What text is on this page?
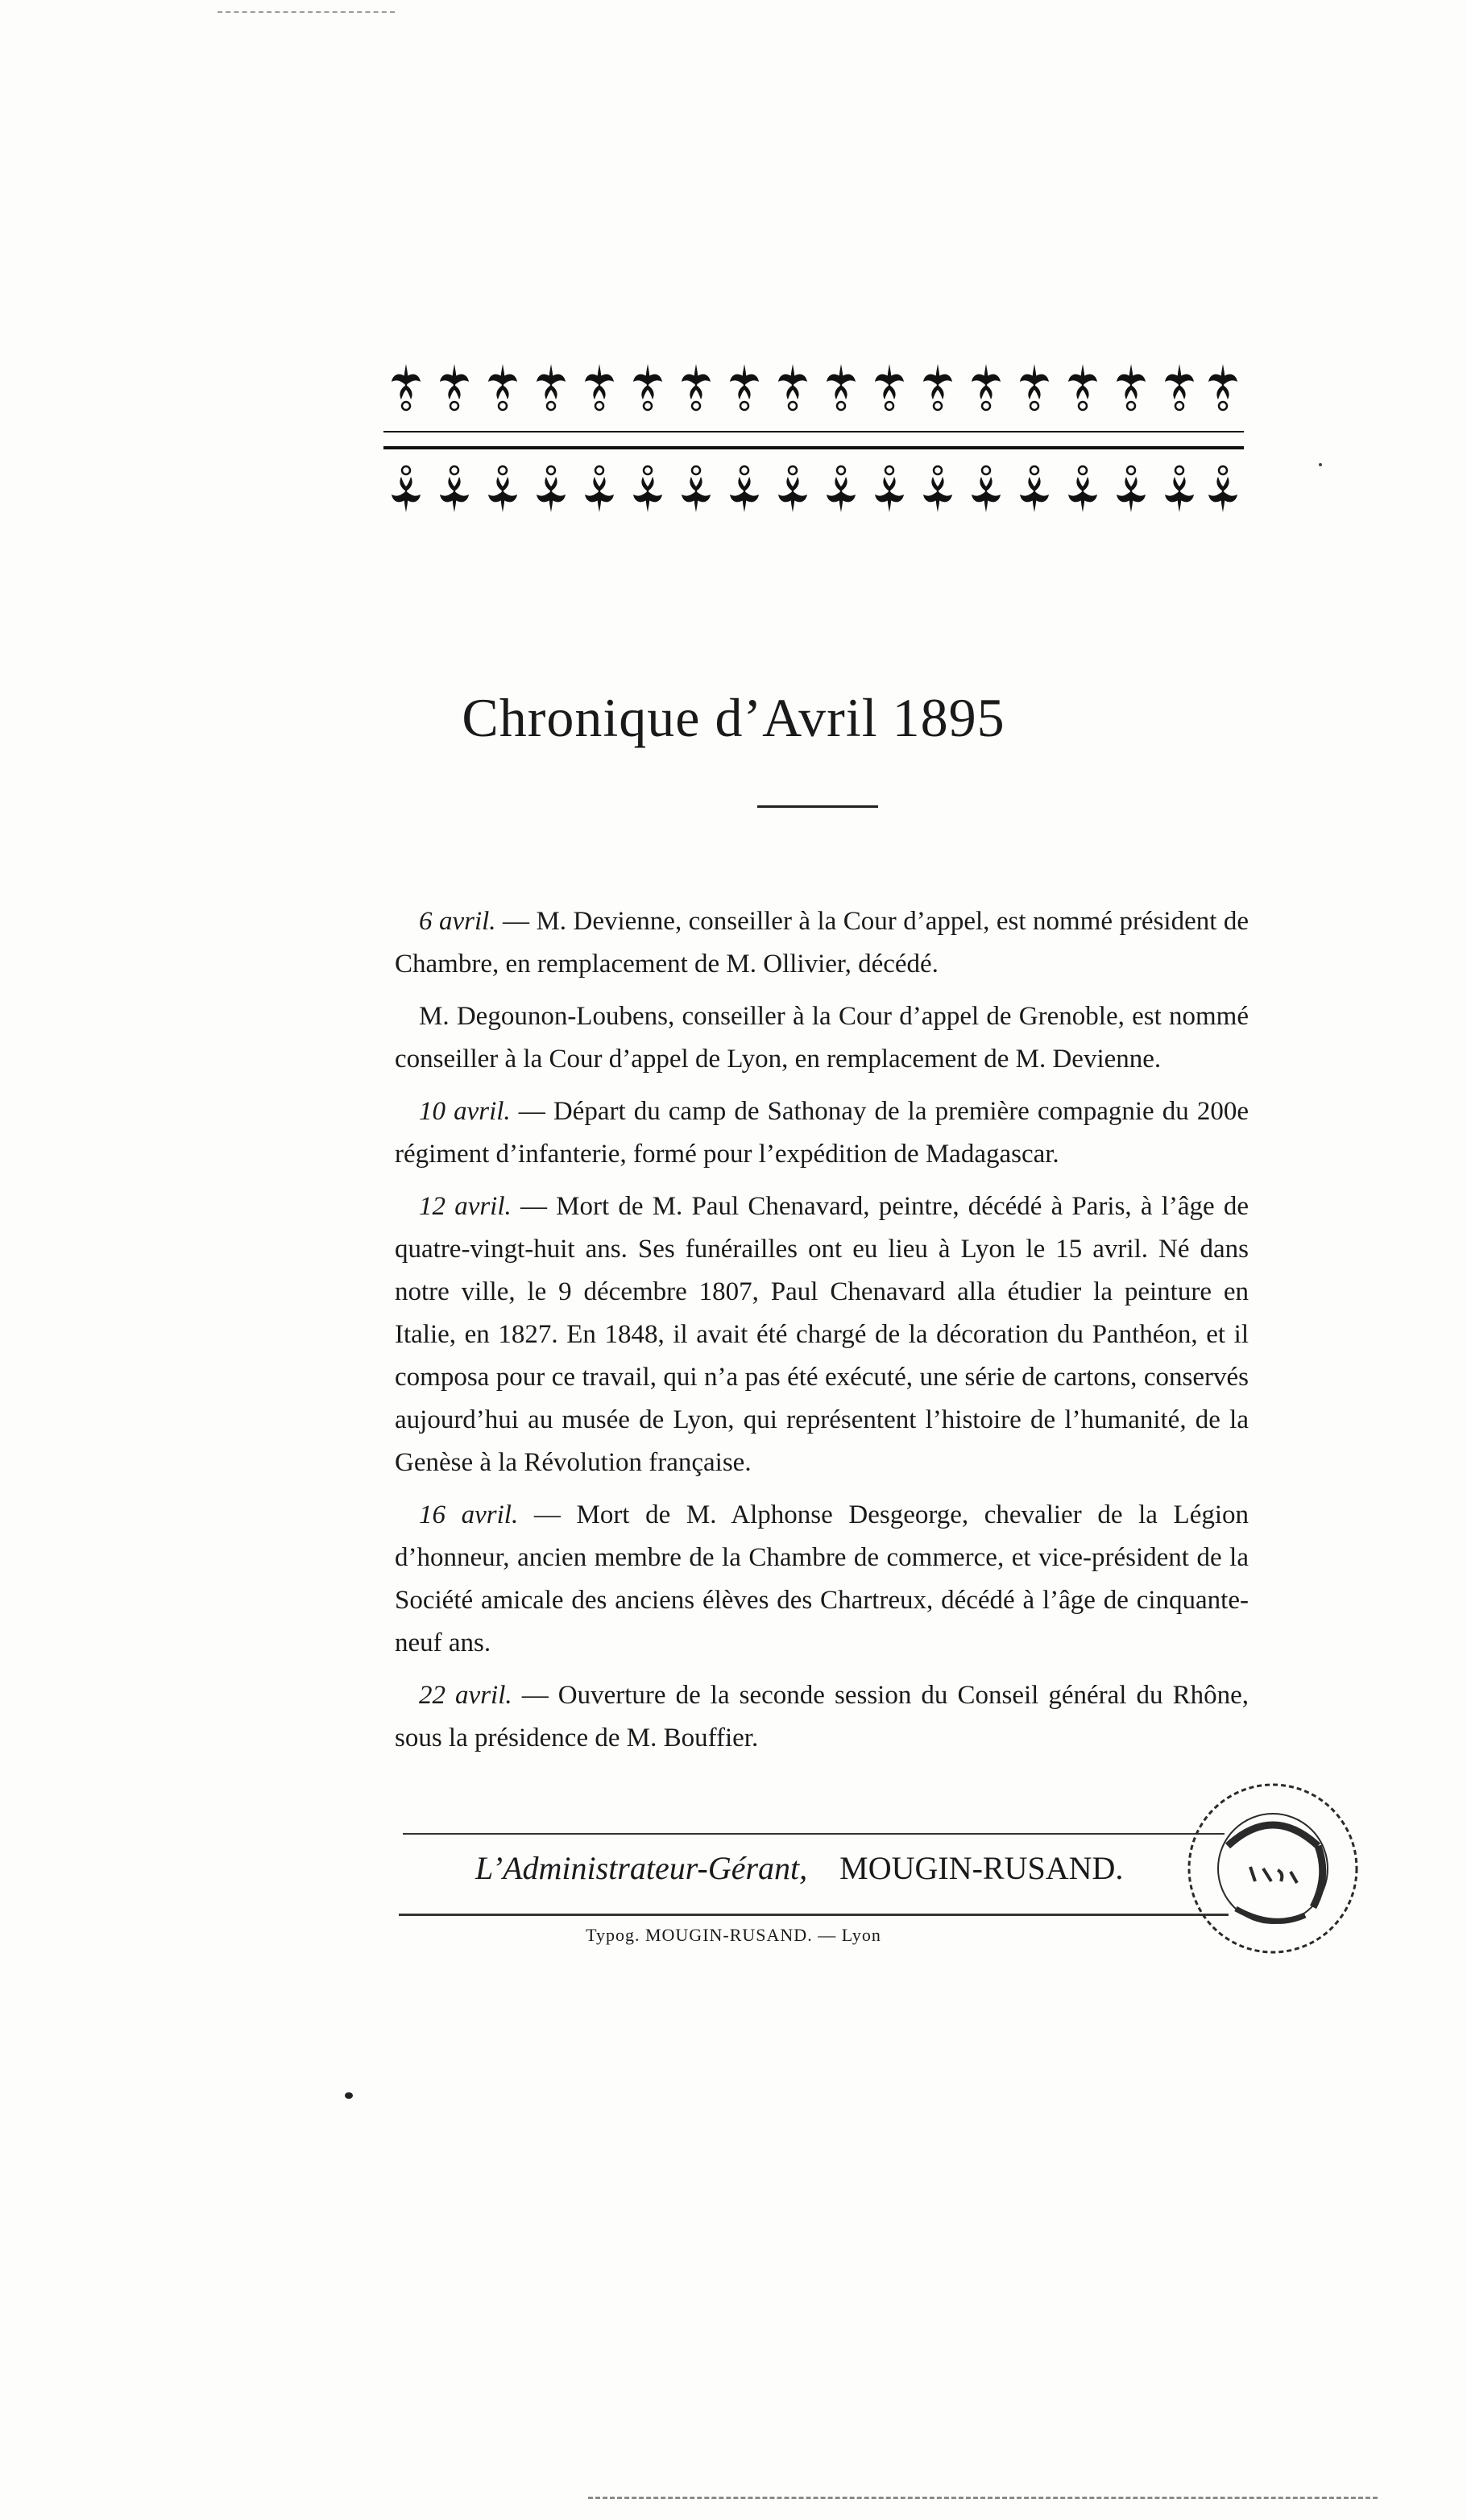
Chronique d’Avril 1895

6 avril. — M. Devienne, conseiller à la Cour d’appel, est nommé président de Chambre, en remplacement de M. Ollivier, décédé.

M. Degounon-Loubens, conseiller à la Cour d’appel de Grenoble, est nommé conseiller à la Cour d’appel de Lyon, en remplacement de M. Devienne.

10 avril. — Départ du camp de Sathonay de la première compagnie du 200e régiment d’infanterie, formé pour l’expédition de Madagascar.

12 avril. — Mort de M. Paul Chenavard, peintre, décédé à Paris, à l’âge de quatre-vingt-huit ans. Ses funérailles ont eu lieu à Lyon le 15 avril. Né dans notre ville, le 9 décembre 1807, Paul Chenavard alla étudier la peinture en Italie, en 1827. En 1848, il avait été chargé de la décoration du Panthéon, et il composa pour ce travail, qui n’a pas été exécuté, une série de cartons, conservés aujourd’hui au musée de Lyon, qui représentent l’histoire de l’humanité, de la Genèse à la Révolution française.

16 avril. — Mort de M. Alphonse Desgeorge, chevalier de la Légion d’honneur, ancien membre de la Chambre de commerce, et vice-président de la Société amicale des anciens élèves des Chartreux, décédé à l’âge de cinquante-neuf ans.

22 avril. — Ouverture de la seconde session du Conseil général du Rhône, sous la présidence de M. Bouffier.

L’Administrateur-Gérant, MOUGIN-RUSAND.
Typog. MOUGIN-RUSAND. — Lyon
